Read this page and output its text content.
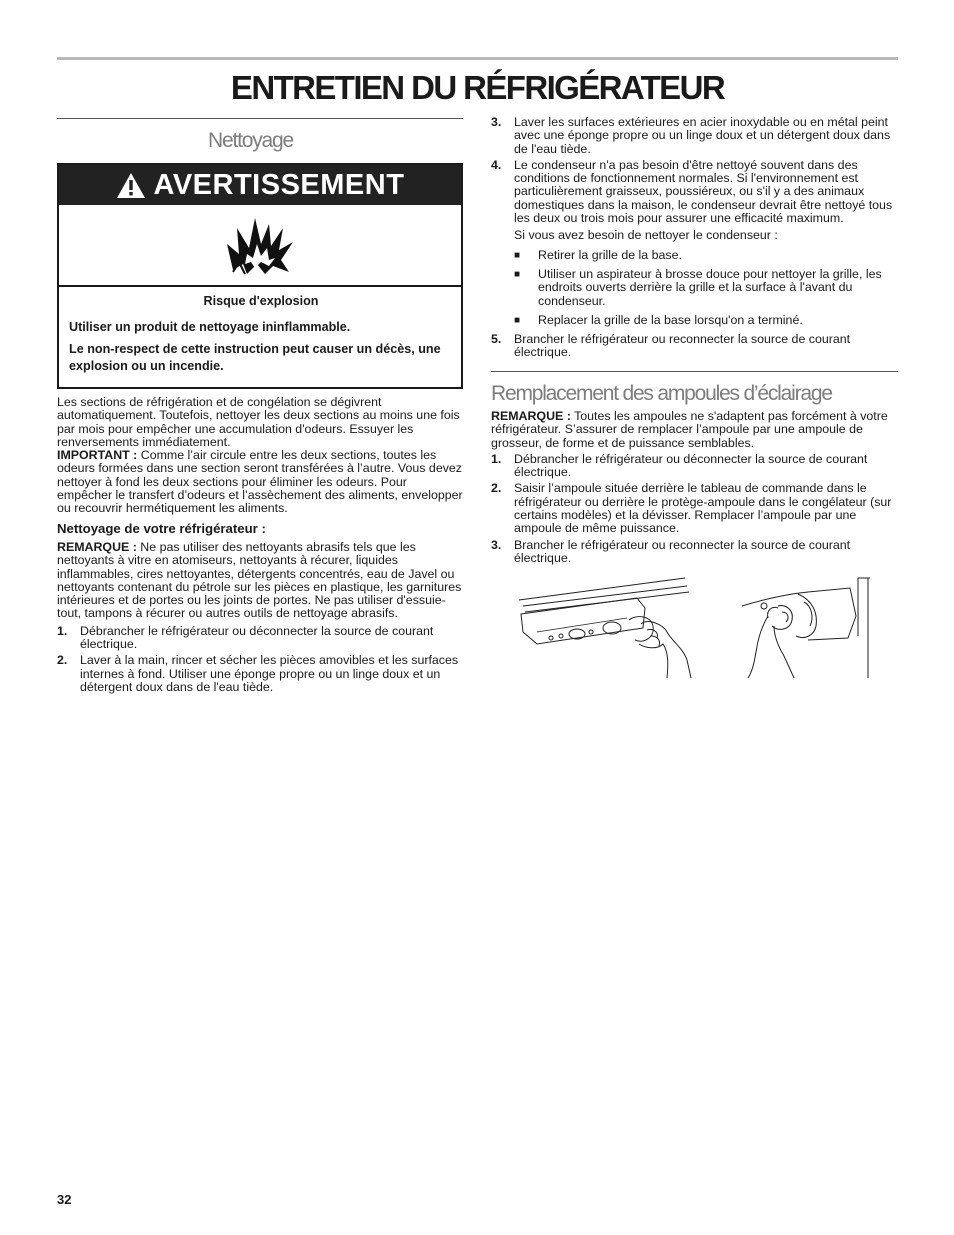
ENTRETIEN DU RÉFRIGÉRATEUR
Nettoyage
AVERTISSEMENT

Risque d'explosion

Utiliser un produit de nettoyage ininflammable.

Le non-respect de cette instruction peut causer un décès, une explosion ou un incendie.

Les sections de réfrigération et de congélation se dégivrent automatiquement. Toutefois, nettoyer les deux sections au moins une fois par mois pour empêcher une accumulation d'odeurs. Essuyer les renversements immédiatement.

IMPORTANT : Comme l’air circule entre les deux sections, toutes les odeurs formées dans une section seront transférées à l’autre. Vous devez nettoyer à fond les deux sections pour éliminer les odeurs. Pour empêcher le transfert d’odeurs et l’assèchement des aliments, envelopper ou recouvrir hermétiquement les aliments.

Nettoyage de votre réfrigérateur :

REMARQUE : Ne pas utiliser des nettoyants abrasifs tels que les nettoyants à vitre en atomiseurs, nettoyants à récurer, liquides inflammables, cires nettoyantes, détergents concentrés, eau de Javel ou nettoyants contenant du pétrole sur les pièces en plastique, les garnitures intérieures et de portes ou les joints de portes. Ne pas utiliser d'essuie-tout, tampons à récurer ou autres outils de nettoyage abrasifs.

1.	Débrancher le réfrigérateur ou déconnecter la source de courant électrique.
2.	Laver à la main, rincer et sécher les pièces amovibles et les surfaces internes à fond. Utiliser une éponge propre ou un linge doux et un détergent doux dans de l'eau tiède.
3.	Laver les surfaces extérieures en acier inoxydable ou en métal peint avec une éponge propre ou un linge doux et un détergent doux dans de l'eau tiède.
4.	Le condenseur n'a pas besoin d'être nettoyé souvent dans des conditions de fonctionnement normales. Si l'environnement est particulièrement graisseux, poussiéreux, ou s'il y a des animaux domestiques dans la maison, le condenseur devrait être nettoyé tous les deux ou trois mois pour assurer une efficacité maximum.

Si vous avez besoin de nettoyer le condenseur :

■	Retirer la grille de la base.
■	Utiliser un aspirateur à brosse douce pour nettoyer la grille, les endroits ouverts derrière la grille et la surface à l'avant du condenseur.
■	Replacer la grille de la base lorsqu'on a terminé.
5.	Brancher le réfrigérateur ou reconnecter la source de courant électrique.
Remplacement des ampoules d’éclairage

REMARQUE : Toutes les ampoules ne s'adaptent pas forcément à votre réfrigérateur. S’assurer de remplacer l’ampoule par une ampoule de grosseur, de forme et de puissance semblables.

1.	Débrancher le réfrigérateur ou déconnecter la source de courant électrique.
2.	Saisir l’ampoule située derrière le tableau de commande dans le réfrigérateur ou derrière le protège-ampoule dans le congélateur (sur certains modèles) et la dévisser. Remplacer l’ampoule par une ampoule de même puissance.
3.	Brancher le réfrigérateur ou reconnecter la source de courant électrique.

32
